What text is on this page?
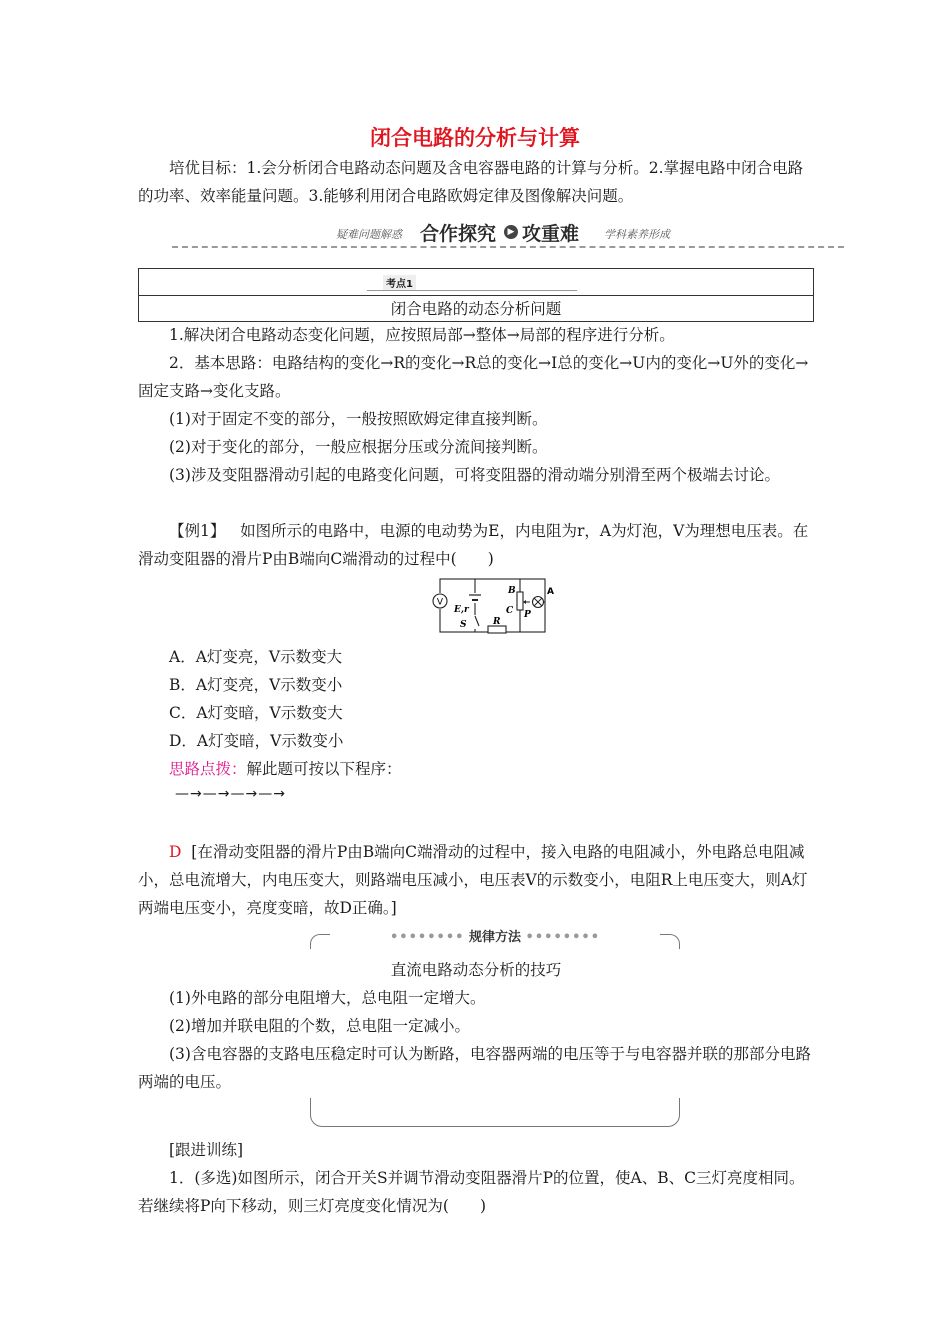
闭合电路的分析与计算

培优目标：1.会分析闭合电路动态问题及含电容器电路的计算与分析。2.掌握电路中闭合电路的功率、效率能量问题。3.能够利用闭合电路欧姆定律及图像解决问题。

疑难问题解惑 合作探究	▶ 攻重难 学科素养形成
考点1
闭合电路的动态分析问题

1.解决闭合电路动态变化问题，应按照局部→整体→局部的程序进行分析。

2．基本思路：电路结构的变化→R的变化→R总的变化→I总的变化→U内的变化→U外的变化→固定支路→变化支路。

(1)对于固定不变的部分，一般按照欧姆定律直接判断。

(2)对于变化的部分，一般应根据分压或分流间接判断。

(3)涉及变阻器滑动引起的电路变化问题，可将变阻器的滑动端分别滑至两个极端去讨论。

【例1】 如图所示的电路中，电源的电动势为E，内电阻为r，A为灯泡，V为理想电压表。在滑动变阻器的滑片P由B端向C端滑动的过程中(　　)

V
E,r
S	R
B
C P
A

A．A灯变亮，V示数变大

B．A灯变亮，V示数变小

C．A灯变暗，V示数变大

D．A灯变暗，V示数变小

思路点拨：解此题可按以下程序：

—→—→—→—→

D [在滑动变阻器的滑片P由B端向C端滑动的过程中，接入电路的电阻减小，外电路总电阻减小，总电流增大，内电压变大，则路端电压减小，电压表V的示数变小，电阻R上电压变大，则A灯两端电压变小，亮度变暗，故D正确。]

•••••••• 规律方法 ••••••••

直流电路动态分析的技巧

(1)外电路的部分电阻增大，总电阻一定增大。

(2)增加并联电阻的个数，总电阻一定减小。

(3)含电容器的支路电压稳定时可认为断路，电容器两端的电压等于与电容器并联的那部分电路两端的电压。

[跟进训练]

1．(多选)如图所示，闭合开关S并调节滑动变阻器滑片P的位置，使A、B、C三灯亮度相同。若继续将P向下移动，则三灯亮度变化情况为(　　)
